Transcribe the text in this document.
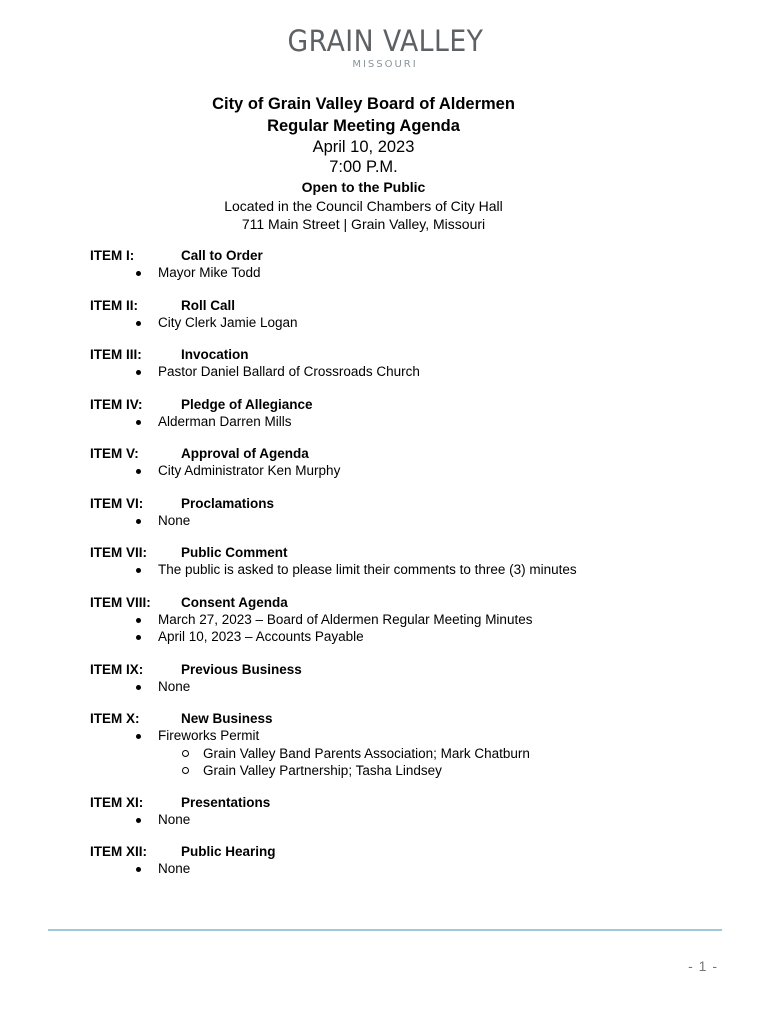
GRAIN VALLEY
MISSOURI
City of Grain Valley Board of Aldermen
Regular Meeting Agenda
April 10, 2023
7:00 P.M.
Open to the Public
Located in the Council Chambers of City Hall
711 Main Street | Grain Valley, Missouri
ITEM I:	Call to Order
Mayor Mike Todd
ITEM II:	Roll Call
City Clerk Jamie Logan
ITEM III:	Invocation
Pastor Daniel Ballard of Crossroads Church
ITEM IV:	Pledge of Allegiance
Alderman Darren Mills
ITEM V:	Approval of Agenda
City Administrator Ken Murphy
ITEM VI:	Proclamations
None
ITEM VII:	Public Comment
The public is asked to please limit their comments to three (3) minutes
ITEM VIII:	Consent Agenda
March 27, 2023 – Board of Aldermen Regular Meeting Minutes
April 10, 2023 – Accounts Payable
ITEM IX:	Previous Business
None
ITEM X:	New Business
Fireworks Permit
Grain Valley Band Parents Association; Mark Chatburn
Grain Valley Partnership; Tasha Lindsey
ITEM XI:	Presentations
None
ITEM XII:	Public Hearing
None
- 1 -
